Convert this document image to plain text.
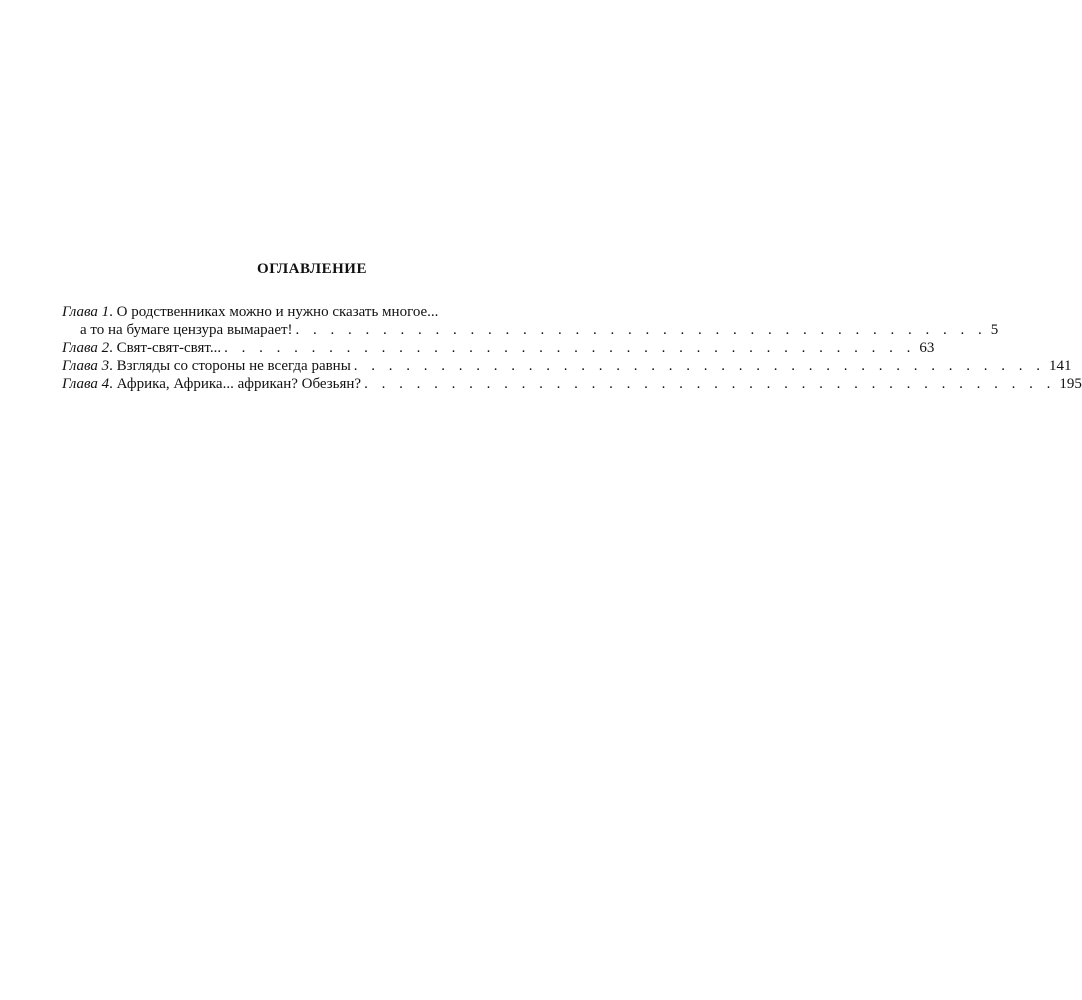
ОГЛАВЛЕНИЕ
Глава 1. О родственниках можно и нужно сказать многое...
а то на бумаге цензура вымарает! . . . . . . . . . . . . . . . . . . . . . . . . . . . . . . . . . . . . . . . . 5
Глава 2. Свят-свят-свят... . . . . . . . . . . . . . . . . . . . . . . . . . . . . . . . . . . . . . . . . 63
Глава 3. Взгляды со стороны не всегда равны . . . . . . . . . . . . . . . . . . . . . . . . . . . . . . . . . . . . . . . . 141
Глава 4. Африка, Африка... африкан? Обезьян? . . . . . . . . . . . . . . . . . . . . . . . . . . . . . . . . . . . . . . . . 195
